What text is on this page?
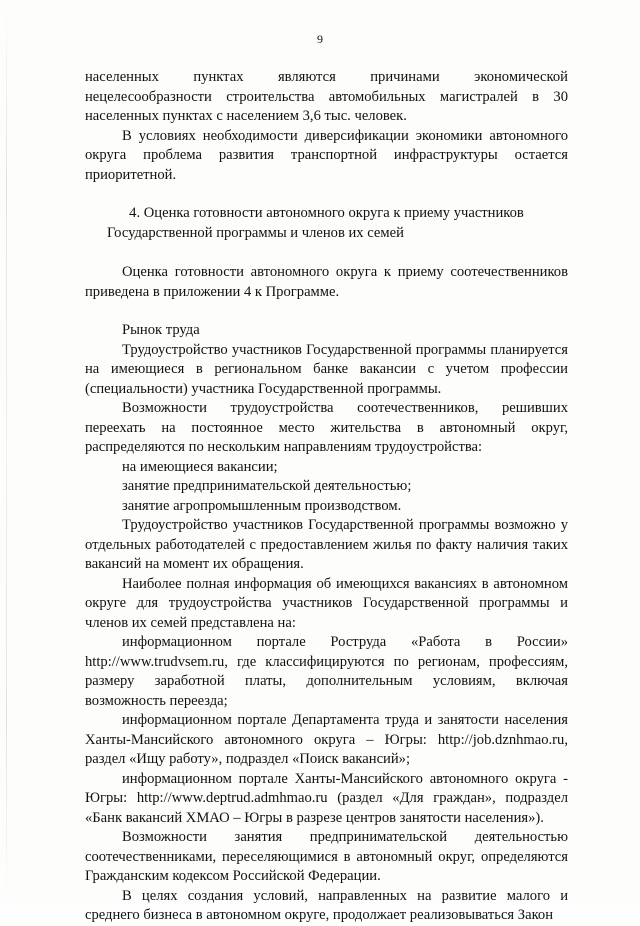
9

населенных пунктах являются причинами экономической нецелесообразности строительства автомобильных магистралей в 30 населенных пунктах с населением 3,6 тыс. человек.

В условиях необходимости диверсификации экономики автономного округа проблема развития транспортной инфраструктуры остается приоритетной.

4. Оценка готовности автономного округа к приему участников Государственной программы и членов их семей

Оценка готовности автономного округа к приему соотечественников приведена в приложении 4 к Программе.

Рынок труда

Трудоустройство участников Государственной программы планируется на имеющиеся в региональном банке вакансии с учетом профессии (специальности) участника Государственной программы.

Возможности трудоустройства соотечественников, решивших переехать на постоянное место жительства в автономный округ, распределяются по нескольким направлениям трудоустройства:

на имеющиеся вакансии;

занятие предпринимательской деятельностью;

занятие агропромышленным производством.

Трудоустройство участников Государственной программы возможно у отдельных работодателей с предоставлением жилья по факту наличия таких вакансий на момент их обращения.

Наиболее полная информация об имеющихся вакансиях в автономном округе для трудоустройства участников Государственной программы и членов их семей представлена на:

информационном портале Роструда «Работа в России» http://www.trudvsem.ru, где классифицируются по регионам, профессиям, размеру заработной платы, дополнительным условиям, включая возможность переезда;

информационном портале Департамента труда и занятости населения Ханты-Мансийского автономного округа – Югры: http://job.dznhmao.ru, раздел «Ищу работу», подраздел «Поиск вакансий»;

информационном портале Ханты-Мансийского автономного округа - Югры: http://www.deptrud.admhmao.ru (раздел «Для граждан», подраздел «Банк вакансий ХМАО – Югры в разрезе центров занятости населения»).

Возможности занятия предпринимательской деятельностью соотечественниками, переселяющимися в автономный округ, определяются Гражданским кодексом Российской Федерации.

В целях создания условий, направленных на развитие малого и среднего бизнеса в автономном округе, продолжает реализовываться Закон
